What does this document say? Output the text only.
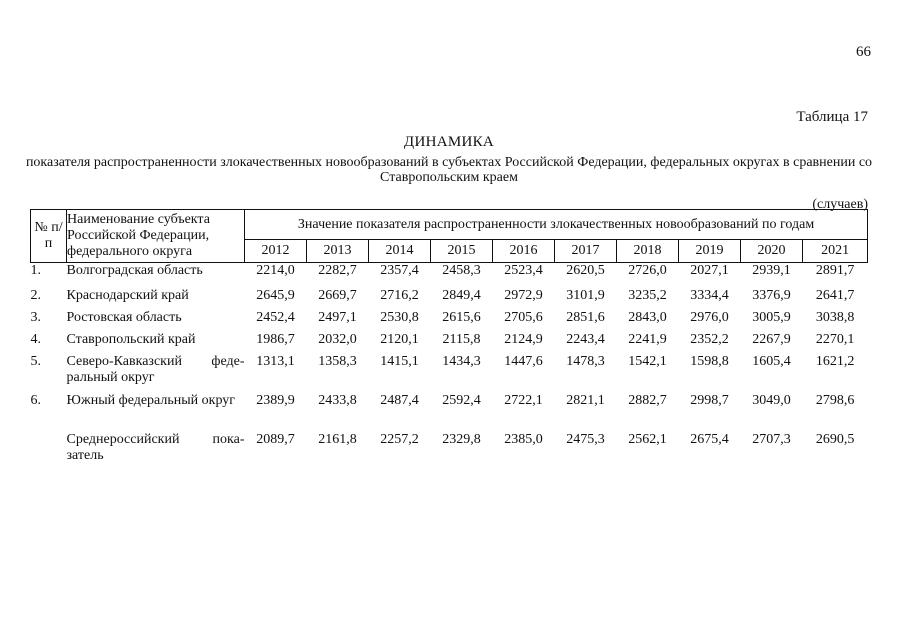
66
Таблица 17
ДИНАМИКА
показателя распространенности злокачественных новообразований в субъектах Российской Федерации, федеральных округах в сравнении со Ставропольским краем
(случаев)
№ п/п	Наименование субъекта Российской Федерации, федерального округа	Значение показателя распространенности злокачественных новообразований по годам									
		2012	2013	2014	2015	2016	2017	2018	2019	2020	2021
1.	Волгоградская область	2214,0	2282,7	2357,4	2458,3	2523,4	2620,5	2726,0	2027,1	2939,1	2891,7
2.	Краснодарский край	2645,9	2669,7	2716,2	2849,4	2972,9	3101,9	3235,2	3334,4	3376,9	2641,7
3.	Ростовская область	2452,4	2497,1	2530,8	2615,6	2705,6	2851,6	2843,0	2976,0	3005,9	3038,8
4.	Ставропольский край	1986,7	2032,0	2120,1	2115,8	2124,9	2243,4	2241,9	2352,2	2267,9	2270,1
5.	Северо-Кавказский феде-ральный округ	1313,1	1358,3	1415,1	1434,3	1447,6	1478,3	1542,1	1598,8	1605,4	1621,2
6.	Южный федеральный округ	2389,9	2433,8	2487,4	2592,4	2722,1	2821,1	2882,7	2998,7	3049,0	2798,6
	Среднероссийский пока-затель	2089,7	2161,8	2257,2	2329,8	2385,0	2475,3	2562,1	2675,4	2707,3	2690,5
